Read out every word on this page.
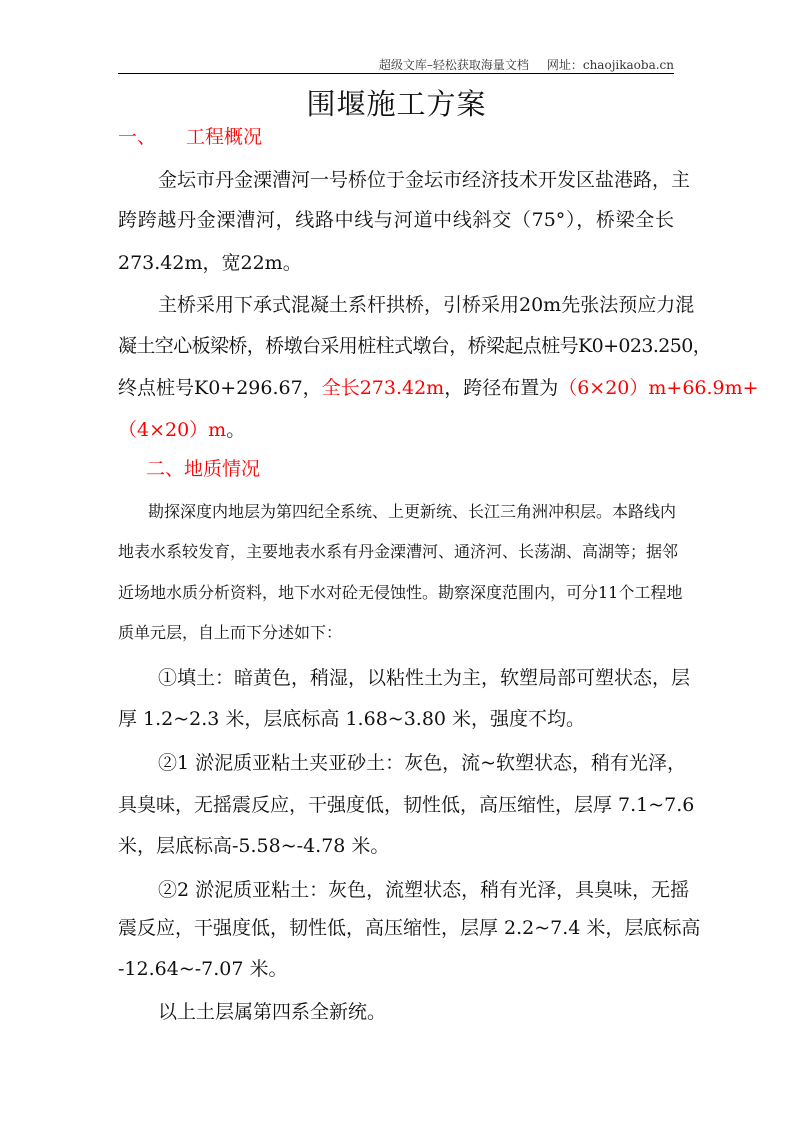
超级文库–轻松获取海量文档 网址：chaojikaoba.cn
围堰施工方案
一、 工程概况
金坛市丹金溧漕河一号桥位于金坛市经济技术开发区盐港路，主
跨跨越丹金溧漕河，线路中线与河道中线斜交（75°），桥梁全长
273.42m，宽22m。
主桥采用下承式混凝土系杆拱桥，引桥采用20m先张法预应力混
凝土空心板梁桥，桥墩台采用桩柱式墩台，桥梁起点桩号K0+023.250，
终点桩号K0+296.67，全长273.42m，跨径布置为（6×20）m+66.9m+
（4×20）m。
二、地质情况
勘探深度内地层为第四纪全系统、上更新统、长江三角洲冲积层。本路线内
地表水系较发育，主要地表水系有丹金溧漕河、通济河、长荡湖、高湖等；据邻
近场地水质分析资料，地下水对砼无侵蚀性。勘察深度范围内，可分11个工程地
质单元层，自上而下分述如下：
①填土：暗黄色，稍湿，以粘性土为主，软塑局部可塑状态，层
厚 1.2~2.3 米，层底标高 1.68~3.80 米，强度不均。
②1 淤泥质亚粘土夹亚砂土：灰色，流~软塑状态，稍有光泽，
具臭味，无摇震反应，干强度低，韧性低，高压缩性，层厚 7.1~7.6
米，层底标高-5.58~-4.78 米。
②2 淤泥质亚粘土：灰色，流塑状态，稍有光泽，具臭味，无摇
震反应，干强度低，韧性低，高压缩性，层厚 2.2~7.4 米，层底标高
-12.64~-7.07 米。
以上土层属第四系全新统。
